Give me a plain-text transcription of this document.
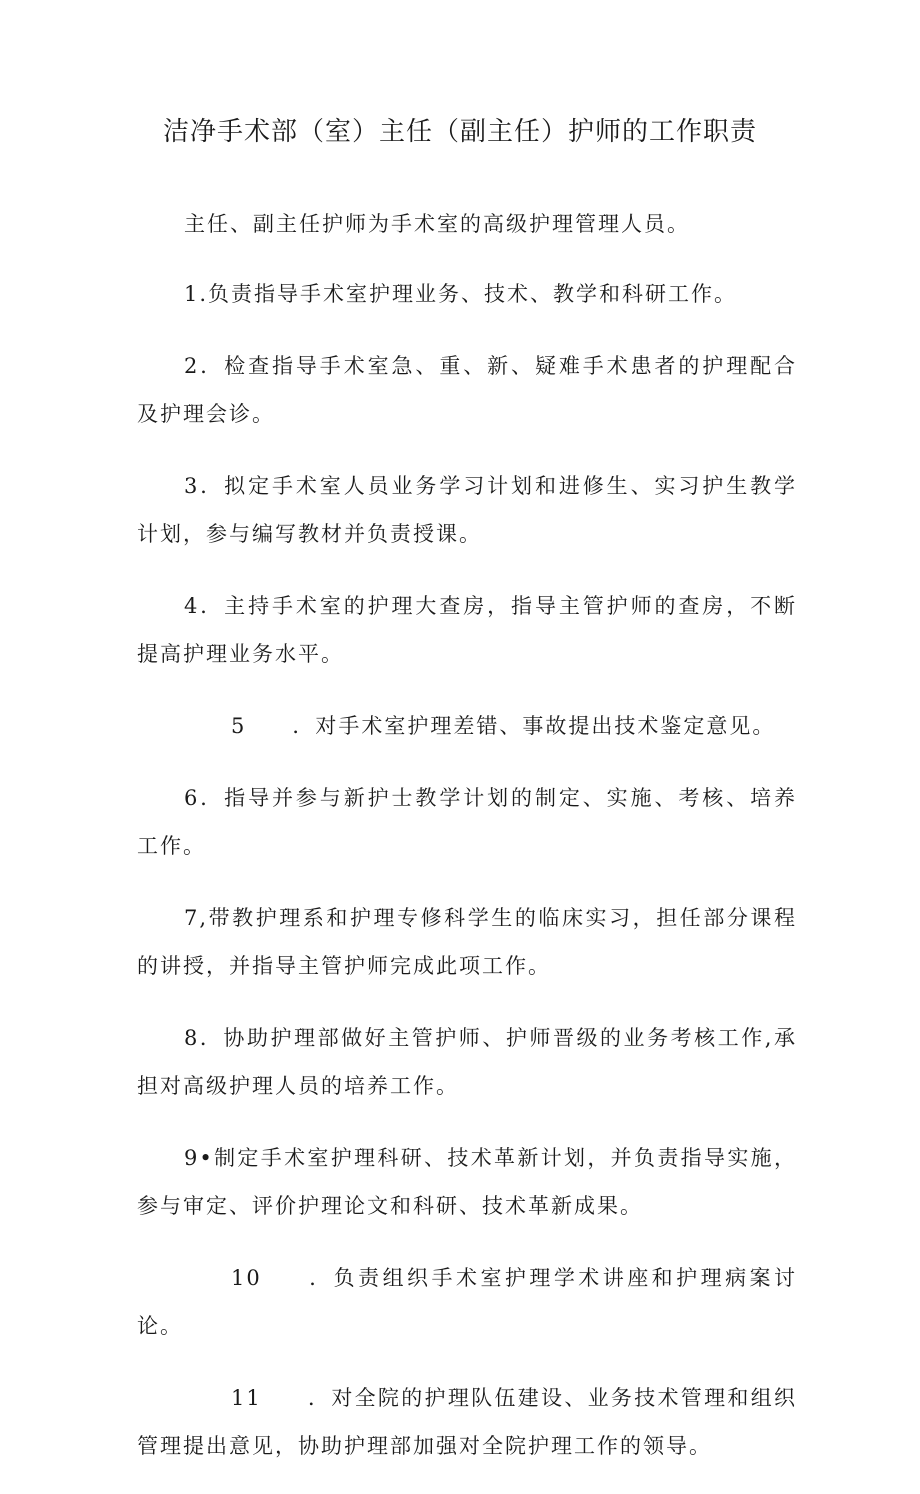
洁净手术部（室）主任（副主任）护师的工作职责

主任、副主任护师为手术室的高级护理管理人员。

1.负责指导手术室护理业务、技术、教学和科研工作。

2．检查指导手术室急、重、新、疑难手术患者的护理配合及护理会诊。

3．拟定手术室人员业务学习计划和进修生、实习护生教学计划，参与编写教材并负责授课。

4．主持手术室的护理大查房，指导主管护师的查房，不断提高护理业务水平。

5 ．对手术室护理差错、事故提出技术鉴定意见。

6．指导并参与新护士教学计划的制定、实施、考核、培养工作。

7,带教护理系和护理专修科学生的临床实习，担任部分课程的讲授，并指导主管护师完成此项工作。

8．协助护理部做好主管护师、护师晋级的业务考核工作,承担对高级护理人员的培养工作。

9•制定手术室护理科研、技术革新计划，并负责指导实施，参与审定、评价护理论文和科研、技术革新成果。

10 ．负责组织手术室护理学术讲座和护理病案讨论。

11 ．对全院的护理队伍建设、业务技术管理和组织管理提出意见，协助护理部加强对全院护理工作的领导。
